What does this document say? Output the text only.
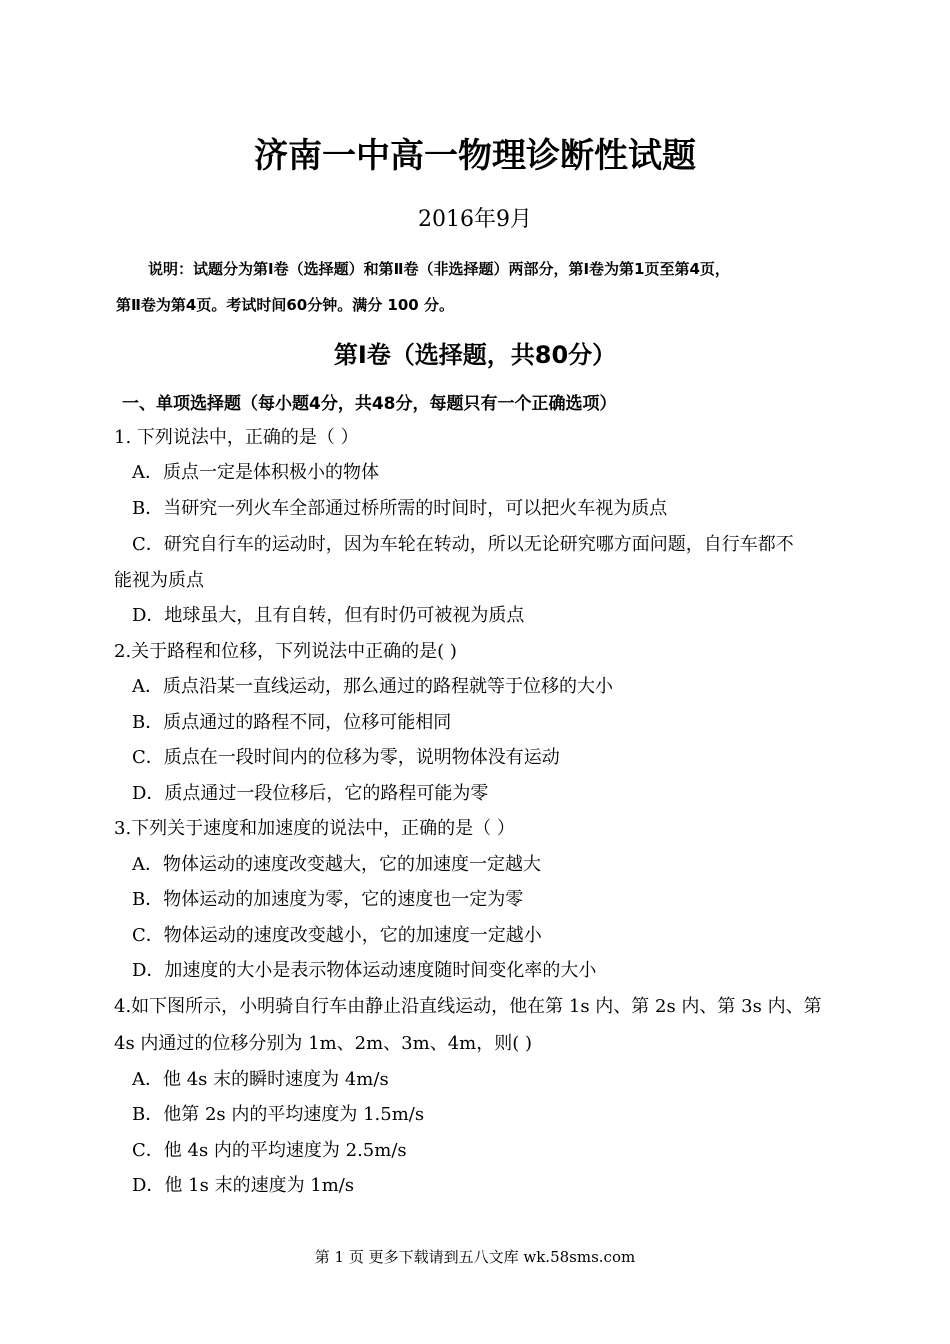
济南一中高一物理诊断性试题
2016年9月
说明：试题分为第Ⅰ卷（选择题）和第Ⅱ卷（非选择题）两部分，第Ⅰ卷为第1页至第4页，
第Ⅱ卷为第4页。考试时间60分钟。满分 100 分。
第Ⅰ卷（选择题，共80分）
一、单项选择题（每小题4分，共48分，每题只有一个正确选项）
1. 下列说法中，正确的是（ ）
A．质点一定是体积极小的物体
B．当研究一列火车全部通过桥所需的时间时，可以把火车视为质点
C．研究自行车的运动时，因为车轮在转动，所以无论研究哪方面问题，自行车都不
能视为质点
D．地球虽大，且有自转，但有时仍可被视为质点
2.关于路程和位移，下列说法中正确的是( )
A．质点沿某一直线运动，那么通过的路程就等于位移的大小
B．质点通过的路程不同，位移可能相同
C．质点在一段时间内的位移为零，说明物体没有运动
D．质点通过一段位移后，它的路程可能为零
3.下列关于速度和加速度的说法中，正确的是（ ）
A．物体运动的速度改变越大，它的加速度一定越大
B．物体运动的加速度为零，它的速度也一定为零
C．物体运动的速度改变越小，它的加速度一定越小
D．加速度的大小是表示物体运动速度随时间变化率的大小
4.如下图所示，小明骑自行车由静止沿直线运动，他在第 1s 内、第 2s 内、第 3s 内、第
4s 内通过的位移分别为 1m、2m、3m、4m，则( )
A．他 4s 末的瞬时速度为 4m/s
B．他第 2s 内的平均速度为 1.5m/s
C．他 4s 内的平均速度为 2.5m/s
D．他 1s 末的速度为 1m/s
第 1 页 更多下载请到五八文库 wk.58sms.com
